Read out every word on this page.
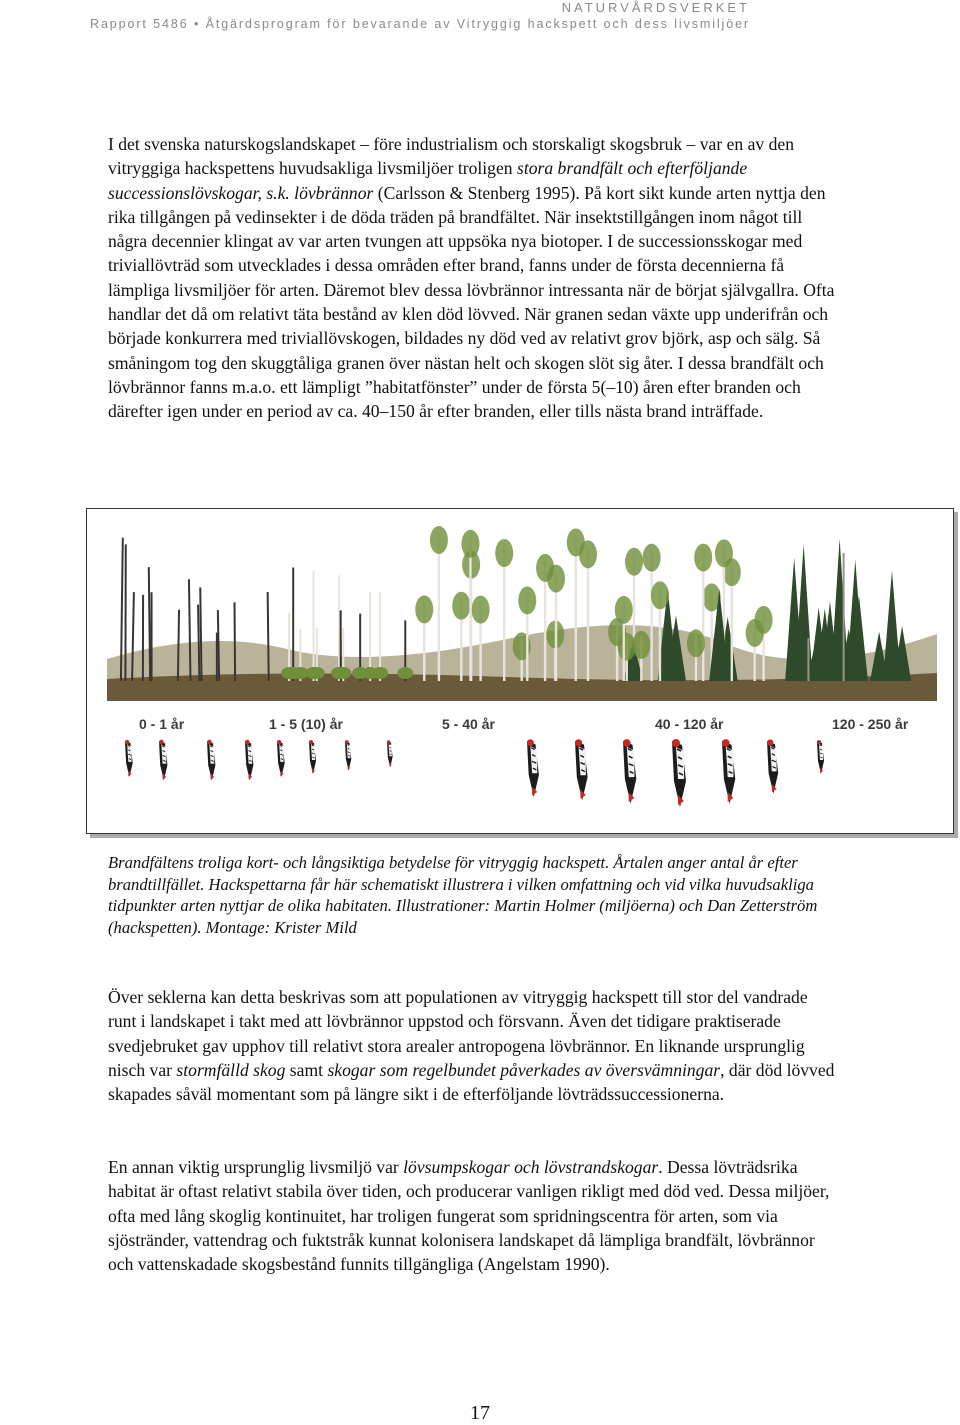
NATURVÅRDSVERKET
Rapport 5486 • Åtgärdsprogram för bevarande av Vitryggig hackspett och dess livsmiljöer

I det svenska naturskogslandskapet – före industrialism och storskaligt skogsbruk – var en av den vitryggiga hackspettens huvudsakliga livsmiljöer troligen stora brandfält och efterföljande successionslövskogar, s.k. lövbrännor (Carlsson & Stenberg 1995). På kort sikt kunde arten nyttja den rika tillgången på vedinsekter i de döda träden på brandfältet. När insektstillgången inom något till några decennier klingat av var arten tvungen att uppsöka nya biotoper. I de successionsskogar med triviallövträd som utvecklades i dessa områden efter brand, fanns under de första decennierna få lämpliga livsmiljöer för arten. Däremot blev dessa lövbrännor intressanta när de börjat självgallra. Ofta handlar det då om relativt täta bestånd av klen död lövved. När granen sedan växte upp underifrån och började konkurrera med triviallövskogen, bildades ny död ved av relativt grov björk, asp och sälg. Så småningom tog den skuggtåliga granen över nästan helt och skogen slöt sig åter. I dessa brandfält och lövbrännor fanns m.a.o. ett lämpligt ”habitatfönster” under de första 5(–10) åren efter branden och därefter igen under en period av ca. 40–150 år efter branden, eller tills nästa brand inträffade.

0 - 1 år	1 - 5 (10) år	5 - 40 år	40 - 120 år	120 - 250 år

Brandfältens troliga kort- och långsiktiga betydelse för vitryggig hackspett. Årtalen anger antal år efter brandtillfället. Hackspettarna får här schematiskt illustrera i vilken omfattning och vid vilka huvudsakliga tidpunkter arten nyttjar de olika habitaten. Illustrationer: Martin Holmer (miljöerna) och Dan Zetterström (hackspetten). Montage: Krister Mild

Över seklerna kan detta beskrivas som att populationen av vitryggig hackspett till stor del vandrade runt i landskapet i takt med att lövbrännor uppstod och försvann. Även det tidigare praktiserade svedjebruket gav upphov till relativt stora arealer antropogena lövbrännor. En liknande ursprunglig nisch var stormfälld skog samt skogar som regelbundet påverkades av översvämningar, där död lövved skapades såväl momentant som på längre sikt i de efterföljande lövträdssuccessionerna.

En annan viktig ursprunglig livsmiljö var lövsumpskogar och lövstrandskogar. Dessa lövträdsrika habitat är oftast relativt stabila över tiden, och producerar vanligen rikligt med död ved. Dessa miljöer, ofta med lång skoglig kontinuitet, har troligen fungerat som spridningscentra för arten, som via sjöstränder, vattendrag och fuktstråk kunnat kolonisera landskapet då lämpliga brandfält, lövbrännor och vattenskadade skogsbestånd funnits tillgängliga (Angelstam 1990).

17
